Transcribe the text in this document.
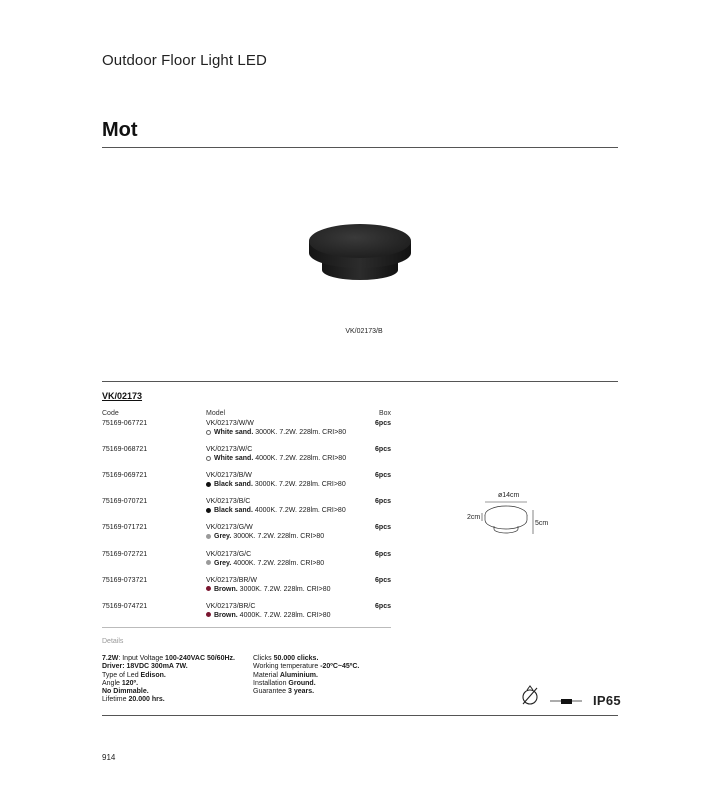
Outdoor Floor Light LED
Mot
VK/02173/B
VK/02173
Code	Model	Box
75169-067721	VK/02173/W/W
White sand. 3000K. 7.2W. 228lm. CRI>80
6pcs
75169-068721	VK/02173/W/C
White sand. 4000K. 7.2W. 228lm. CRI>80
6pcs
75169-069721	VK/02173/B/W
Black sand. 3000K. 7.2W. 228lm. CRI>80
6pcs
75169-070721	VK/02173/B/C
Black sand. 4000K. 7.2W. 228lm. CRI>80
6pcs
75169-071721	VK/02173/G/W
Grey. 3000K. 7.2W. 228lm. CRI>80
6pcs
75169-072721	VK/02173/G/C
Grey. 4000K. 7.2W. 228lm. CRI>80
6pcs
75169-073721	VK/02173/BR/W
Brown. 3000K. 7.2W. 228lm. CRI>80
6pcs
75169-074721	VK/02173/BR/C
Brown. 4000K. 7.2W. 228lm. CRI>80
6pcs
ø14cm
2cm
5cm
Details
7.2W: Input Voltage 100-240VAC 50/60Hz.
Driver: 18VDC 300mA 7W.
Type of Led Edison.
Angle 120º.
No Dimmable.
Lifetime 20.000 hrs.
Clicks 50.000 clicks.
Working temperature -20ºC~45ºC.
Material Aluminium.
Installation Ground.
Guarantee 3 years.
IP65
914
